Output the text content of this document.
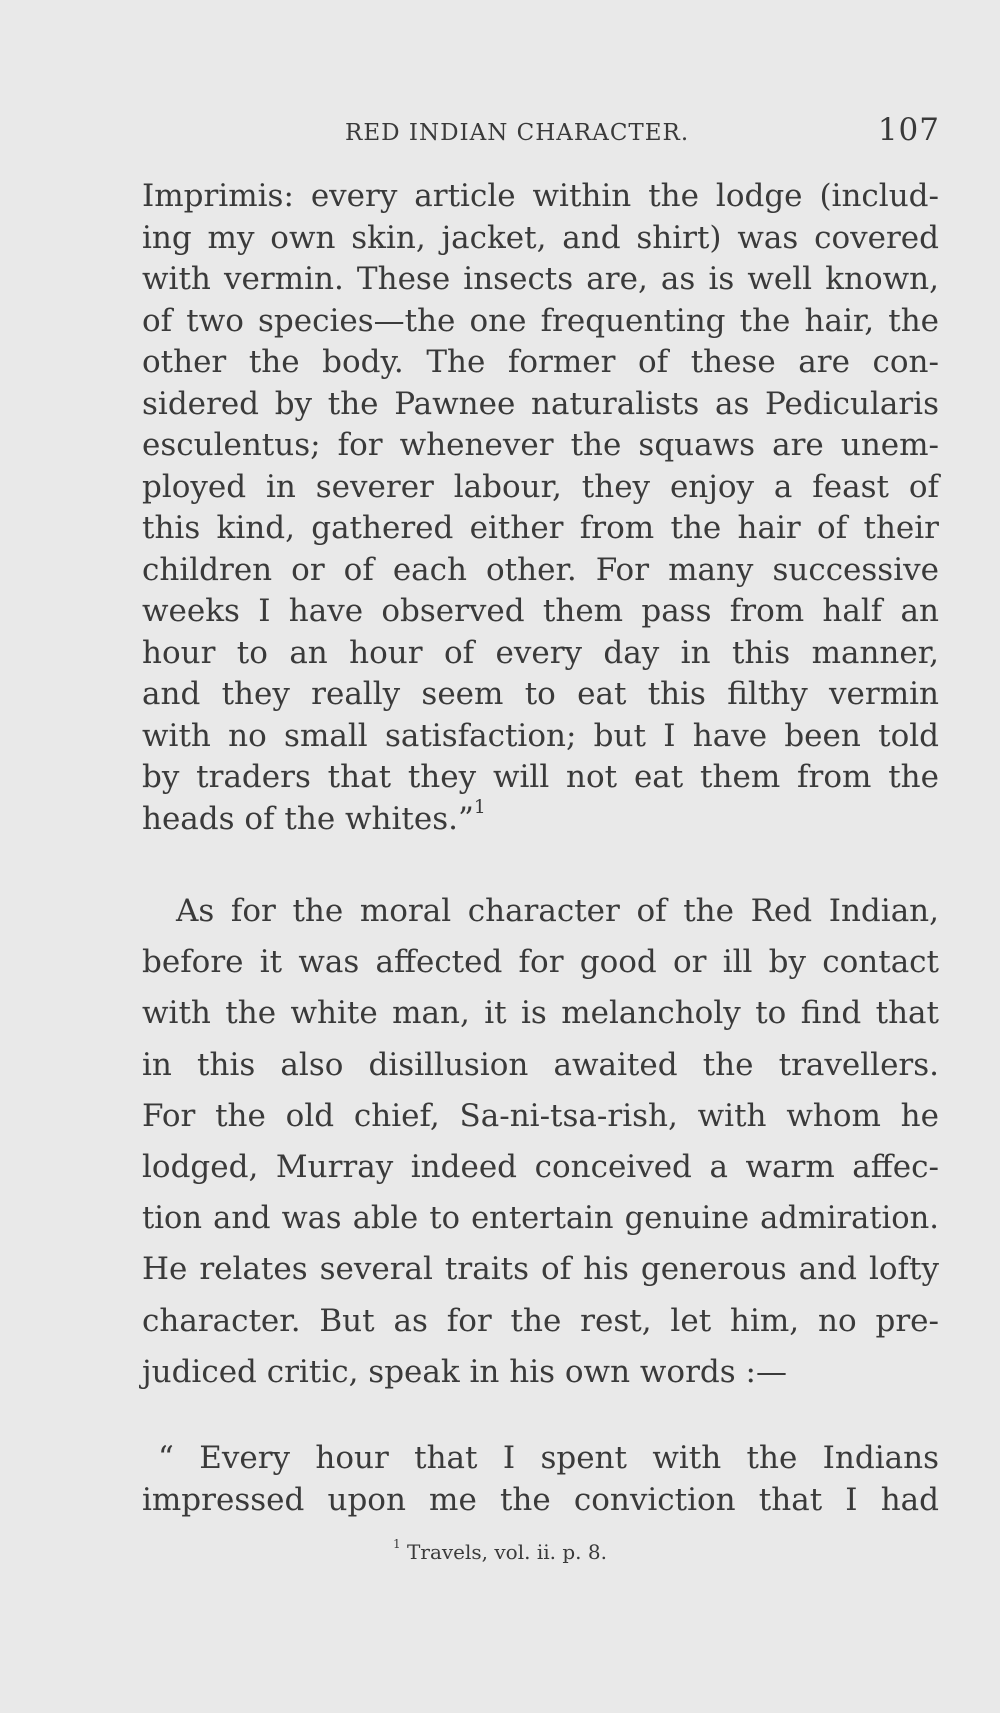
RED INDIAN CHARACTER.	107
Imprimis: every article within the lodge (includ-
ing my own skin, jacket, and shirt) was covered
with vermin. These insects are, as is well known,
of two species—the one frequenting the hair, the
other the body. The former of these are con-
sidered by the Pawnee naturalists as Pedicularis
esculentus; for whenever the squaws are unem-
ployed in severer labour, they enjoy a feast of
this kind, gathered either from the hair of their
children or of each other. For many successive
weeks I have observed them pass from half an
hour to an hour of every day in this manner,
and they really seem to eat this filthy vermin
with no small satisfaction; but I have been told
by traders that they will not eat them from the
heads of the whites.”$^1$
As for the moral character of the Red Indian,
before it was affected for good or ill by contact
with the white man, it is melancholy to find that
in this also disillusion awaited the travellers.
For the old chief, Sa-ni-tsa-rish, with whom he
lodged, Murray indeed conceived a warm affec-
tion and was able to entertain genuine admiration.
He relates several traits of his generous and lofty
character. But as for the rest, let him, no pre-
judiced critic, speak in his own words :—
“ Every hour that I spent with the Indians
impressed upon me the conviction that I had
$^1$ Travels, vol. ii. p. 8.
